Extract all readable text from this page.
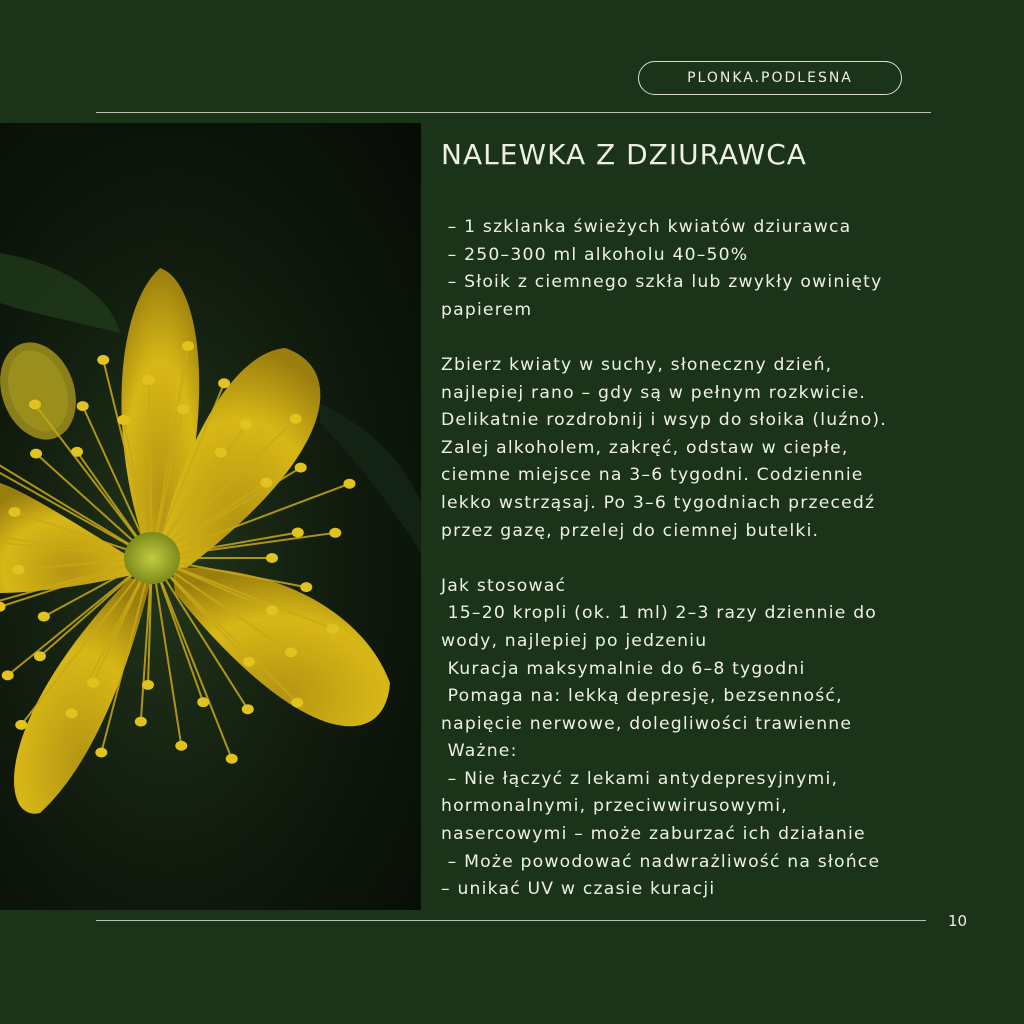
PLONKA.PODLESNA
NALEWKA Z DZIURAWCA
– 1 szklanka świeżych kwiatów dziurawca
– 250–300 ml alkoholu 40–50%
– Słoik z ciemnego szkła lub zwykły owinięty
papierem
Zbierz kwiaty w suchy, słoneczny dzień,
najlepiej rano – gdy są w pełnym rozkwicie.
Delikatnie rozdrobnij i wsyp do słoika (luźno).
Zalej alkoholem, zakręć, odstaw w ciepłe,
ciemne miejsce na 3–6 tygodni. Codziennie
lekko wstrząsaj. Po 3–6 tygodniach przecedź
przez gazę, przelej do ciemnej butelki.
Jak stosować
15–20 kropli (ok. 1 ml) 2–3 razy dziennie do
wody, najlepiej po jedzeniu
Kuracja maksymalnie do 6–8 tygodni
Pomaga na: lekką depresję, bezsenność,
napięcie nerwowe, dolegliwości trawienne
Ważne:
– Nie łączyć z lekami antydepresyjnymi,
hormonalnymi, przeciwwirusowymi,
nasercowymi – może zaburzać ich działanie
– Może powodować nadwrażliwość na słońce
– unikać UV w czasie kuracji
10
